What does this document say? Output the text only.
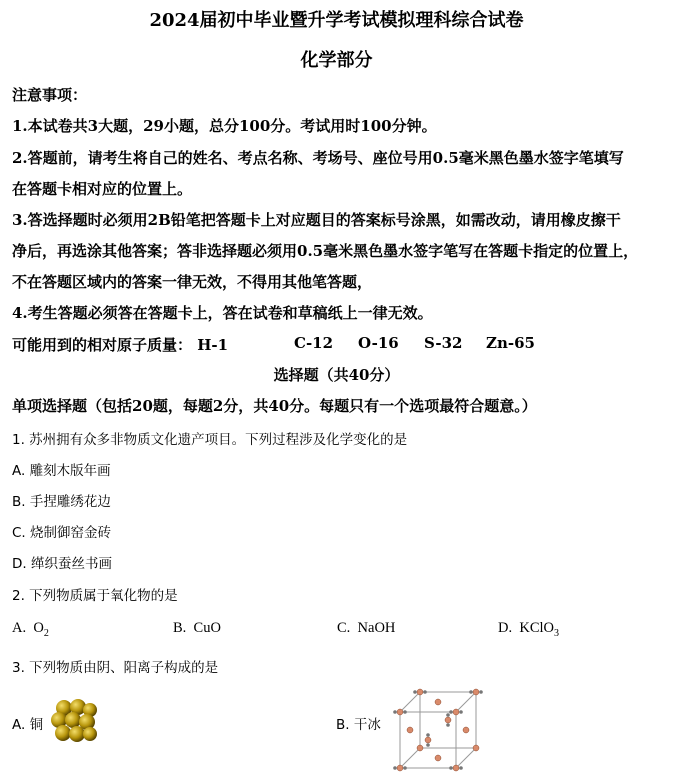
2024届初中毕业暨升学考试模拟理科综合试卷
化学部分
注意事项：
1.本试卷共3大题，29小题，总分100分。考试用时100分钟。
2.答题前，请考生将自己的姓名、考点名称、考场号、座位号用0.5毫米黑色墨水签字笔填写
在答题卡相对应的位置上。
3.答选择题时必须用2B铅笔把答题卡上对应题目的答案标号涂黑，如需改动，请用橡皮擦干
净后，再选涂其他答案；答非选择题必须用0.5毫米黑色墨水签字笔写在答题卡指定的位置上，
不在答题区域内的答案一律无效，不得用其他笔答题，
4.考生答题必须答在答题卡上，答在试卷和草稿纸上一律无效。
可能用到的相对原子质量： H-1	C-12 O-16 S-32 Zn-65
选择题（共40分）
单项选择题（包括20题，每题2分，共40分。每题只有一个选项最符合题意。）
1. 苏州拥有众多非物质文化遗产项目。下列过程涉及化学变化的是
A. 雕刻木版年画
B. 手捏雕绣花边
C. 烧制御窑金砖
D. 缂织蚕丝书画
2. 下列物质属于氧化物的是
A. $O_2$	B. CuO	C. NaOH	D. KClO$_3$
3. 下列物质由阴、阳离子构成的是
A. 铜	B. 干冰
